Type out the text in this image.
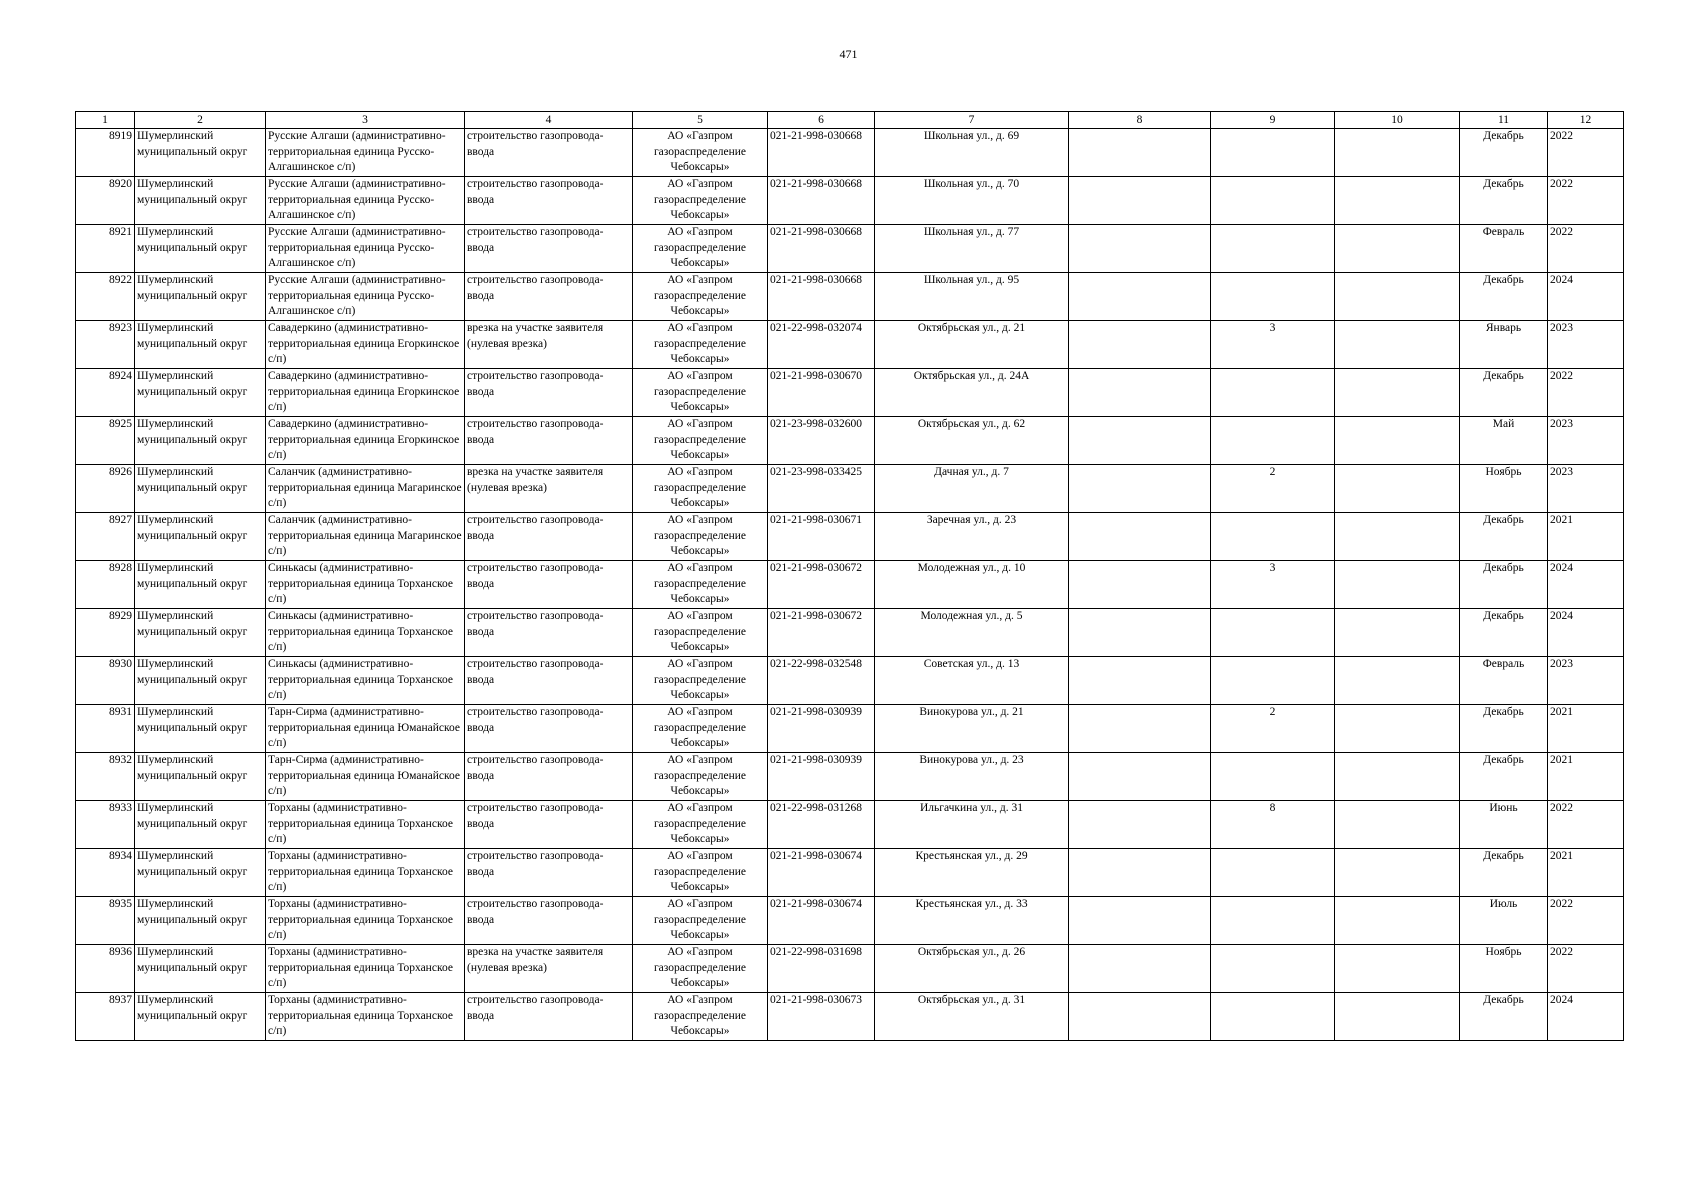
471
1	2	3	4	5	6	7	8	9	10	11	12
8919	Шумерлинский муниципальный округ	Русские Алгаши (административно-территориальная единица Русско-Алгашинское с/п)	строительство газопровода-ввода	АО «Газпром газораспределение Чебоксары»	021-21-998-030668	Школьная ул., д. 69				Декабрь	2022
8920	Шумерлинский муниципальный округ	Русские Алгаши (административно-территориальная единица Русско-Алгашинское с/п)	строительство газопровода-ввода	АО «Газпром газораспределение Чебоксары»	021-21-998-030668	Школьная ул., д. 70				Декабрь	2022
8921	Шумерлинский муниципальный округ	Русские Алгаши (административно-территориальная единица Русско-Алгашинское с/п)	строительство газопровода-ввода	АО «Газпром газораспределение Чебоксары»	021-21-998-030668	Школьная ул., д. 77				Февраль	2022
8922	Шумерлинский муниципальный округ	Русские Алгаши (административно-территориальная единица Русско-Алгашинское с/п)	строительство газопровода-ввода	АО «Газпром газораспределение Чебоксары»	021-21-998-030668	Школьная ул., д. 95				Декабрь	2024
8923	Шумерлинский муниципальный округ	Савадеркино (административно-территориальная единица Егоркинское с/п)	врезка на участке заявителя (нулевая врезка)	АО «Газпром газораспределение Чебоксары»	021-22-998-032074	Октябрьская ул., д. 21		3		Январь	2023
8924	Шумерлинский муниципальный округ	Савадеркино (административно-территориальная единица Егоркинское с/п)	строительство газопровода-ввода	АО «Газпром газораспределение Чебоксары»	021-21-998-030670	Октябрьская ул., д. 24А				Декабрь	2022
8925	Шумерлинский муниципальный округ	Савадеркино (административно-территориальная единица Егоркинское с/п)	строительство газопровода-ввода	АО «Газпром газораспределение Чебоксары»	021-23-998-032600	Октябрьская ул., д. 62				Май	2023
8926	Шумерлинский муниципальный округ	Саланчик (административно-территориальная единица Магаринское с/п)	врезка на участке заявителя (нулевая врезка)	АО «Газпром газораспределение Чебоксары»	021-23-998-033425	Дачная ул., д. 7		2		Ноябрь	2023
8927	Шумерлинский муниципальный округ	Саланчик (административно-территориальная единица Магаринское с/п)	строительство газопровода-ввода	АО «Газпром газораспределение Чебоксары»	021-21-998-030671	Заречная ул., д. 23				Декабрь	2021
8928	Шумерлинский муниципальный округ	Синькасы (административно-территориальная единица Торханское с/п)	строительство газопровода-ввода	АО «Газпром газораспределение Чебоксары»	021-21-998-030672	Молодежная ул., д. 10		3		Декабрь	2024
8929	Шумерлинский муниципальный округ	Синькасы (административно-территориальная единица Торханское с/п)	строительство газопровода-ввода	АО «Газпром газораспределение Чебоксары»	021-21-998-030672	Молодежная ул., д. 5				Декабрь	2024
8930	Шумерлинский муниципальный округ	Синькасы (административно-территориальная единица Торханское с/п)	строительство газопровода-ввода	АО «Газпром газораспределение Чебоксары»	021-22-998-032548	Советская ул., д. 13				Февраль	2023
8931	Шумерлинский муниципальный округ	Тарн-Сирма (административно-территориальная единица Юманайское с/п)	строительство газопровода-ввода	АО «Газпром газораспределение Чебоксары»	021-21-998-030939	Винокурова ул., д. 21		2		Декабрь	2021
8932	Шумерлинский муниципальный округ	Тарн-Сирма (административно-территориальная единица Юманайское с/п)	строительство газопровода-ввода	АО «Газпром газораспределение Чебоксары»	021-21-998-030939	Винокурова ул., д. 23				Декабрь	2021
8933	Шумерлинский муниципальный округ	Торханы (административно-территориальная единица Торханское с/п)	строительство газопровода-ввода	АО «Газпром газораспределение Чебоксары»	021-22-998-031268	Ильгачкина ул., д. 31		8		Июнь	2022
8934	Шумерлинский муниципальный округ	Торханы (административно-территориальная единица Торханское с/п)	строительство газопровода-ввода	АО «Газпром газораспределение Чебоксары»	021-21-998-030674	Крестьянская ул., д. 29				Декабрь	2021
8935	Шумерлинский муниципальный округ	Торханы (административно-территориальная единица Торханское с/п)	строительство газопровода-ввода	АО «Газпром газораспределение Чебоксары»	021-21-998-030674	Крестьянская ул., д. 33				Июль	2022
8936	Шумерлинский муниципальный округ	Торханы (административно-территориальная единица Торханское с/п)	врезка на участке заявителя (нулевая врезка)	АО «Газпром газораспределение Чебоксары»	021-22-998-031698	Октябрьская ул., д. 26				Ноябрь	2022
8937	Шумерлинский муниципальный округ	Торханы (административно-территориальная единица Торханское с/п)	строительство газопровода-ввода	АО «Газпром газораспределение Чебоксары»	021-21-998-030673	Октябрьская ул., д. 31				Декабрь	2024
